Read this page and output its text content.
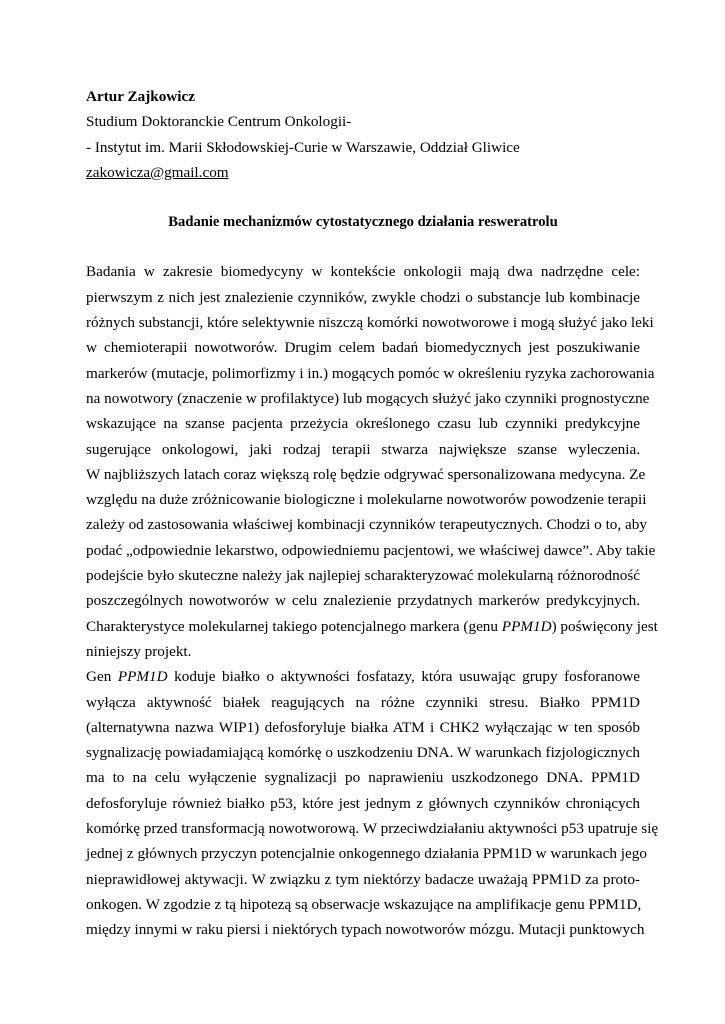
Artur Zajkowicz
Studium Doktoranckie Centrum Onkologii-
- Instytut im. Marii Skłodowskiej-Curie w Warszawie, Oddział Gliwice
zakowicza@gmail.com
Badanie mechanizmów cytostatycznego działania resweratrolu
Badania w zakresie biomedycyny w kontekście onkologii mają dwa nadrzędne cele:
pierwszym z nich jest znalezienie czynników, zwykle chodzi o substancje lub kombinacje
różnych substancji, które selektywnie niszczą komórki nowotworowe i mogą służyć jako leki
w chemioterapii nowotworów. Drugim celem badań biomedycznych jest poszukiwanie
markerów (mutacje, polimorfizmy i in.) mogących pomóc w określeniu ryzyka zachorowania
na nowotwory (znaczenie w profilaktyce) lub mogących służyć jako czynniki prognostyczne
wskazujące na szanse pacjenta przeżycia określonego czasu lub czynniki predykcyjne
sugerujące onkologowi, jaki rodzaj terapii stwarza największe szanse wyleczenia.
W najbliższych latach coraz większą rolę będzie odgrywać spersonalizowana medycyna. Ze
względu na duże zróżnicowanie biologiczne i molekularne nowotworów powodzenie terapii
zależy od zastosowania właściwej kombinacji czynników terapeutycznych. Chodzi o to, aby
podać „odpowiednie lekarstwo, odpowiedniemu pacjentowi, we właściwej dawce”. Aby takie
podejście było skuteczne należy jak najlepiej scharakteryzować molekularną różnorodność
poszczególnych nowotworów w celu znalezienie przydatnych markerów predykcyjnych.
Charakterystyce molekularnej takiego potencjalnego markera (genu PPM1D) poświęcony jest
niniejszy projekt.
Gen PPM1D koduje białko o aktywności fosfatazy, która usuwając grupy fosforanowe
wyłącza aktywność białek reagujących na różne czynniki stresu. Białko PPM1D
(alternatywna nazwa WIP1) defosforyluje białka ATM i CHK2 wyłączając w ten sposób
sygnalizację powiadamiającą komórkę o uszkodzeniu DNA. W warunkach fizjologicznych
ma to na celu wyłączenie sygnalizacji po naprawieniu uszkodzonego DNA. PPM1D
defosforyluje również białko p53, które jest jednym z głównych czynników chroniących
komórkę przed transformacją nowotworową. W przeciwdziałaniu aktywności p53 upatruje się
jednej z głównych przyczyn potencjalnie onkogennego działania PPM1D w warunkach jego
nieprawidłowej aktywacji. W związku z tym niektórzy badacze uważają PPM1D za proto-
onkogen. W zgodzie z tą hipotezą są obserwacje wskazujące na amplifikacje genu PPM1D,
między innymi w raku piersi i niektórych typach nowotworów mózgu. Mutacji punktowych
